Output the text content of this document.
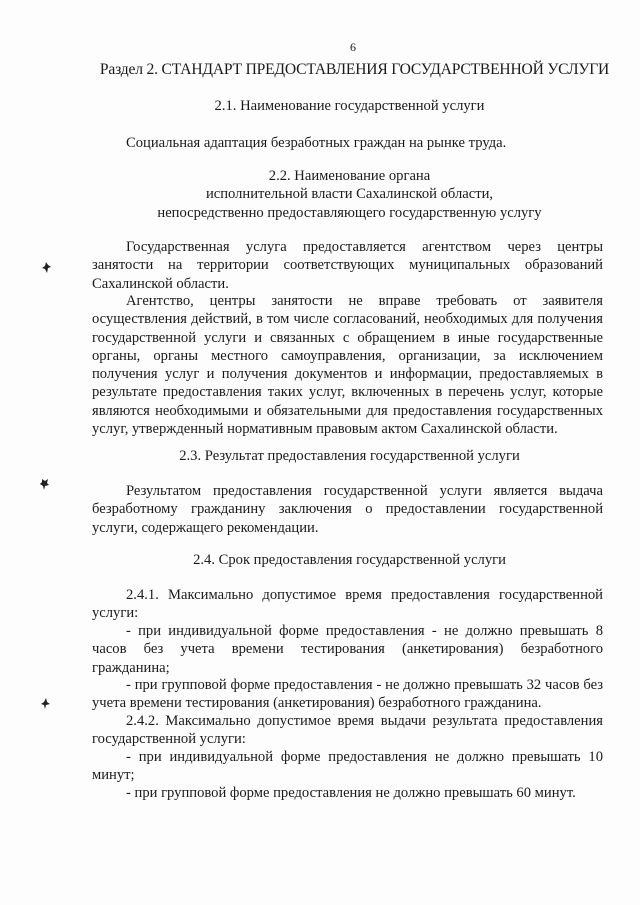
6
Раздел 2. СТАНДАРТ ПРЕДОСТАВЛЕНИЯ ГОСУДАРСТВЕННОЙ УСЛУГИ
2.1. Наименование государственной услуги
Социальная адаптация безработных граждан на рынке труда.
2.2. Наименование органа
исполнительной власти Сахалинской области,
непосредственно предоставляющего государственную услугу

Государственная услуга предоставляется агентством через центры занятости на территории соответствующих муниципальных образований Сахалинской области.

Агентство, центры занятости не вправе требовать от заявителя осуществления действий, в том числе согласований, необходимых для получения государственной услуги и связанных с обращением в иные государственные органы, органы местного самоуправления, организации, за исключением получения услуг и получения документов и информации, предоставляемых в результате предоставления таких услуг, включенных в перечень услуг, которые являются необходимыми и обязательными для предоставления государственных услуг, утвержденный нормативным правовым актом Сахалинской области.

2.3. Результат предоставления государственной услуги

Результатом предоставления государственной услуги является выдача безработному гражданину заключения о предоставлении государственной услуги, содержащего рекомендации.

2.4. Срок предоставления государственной услуги

2.4.1. Максимально допустимое время предоставления государственной услуги:

- при индивидуальной форме предоставления - не должно превышать 8 часов без учета времени тестирования (анкетирования) безработного гражданина;

- при групповой форме предоставления - не должно превышать 32 часов без учета времени тестирования (анкетирования) безработного гражданина.

2.4.2. Максимально допустимое время выдачи результата предоставления государственной услуги:

- при индивидуальной форме предоставления не должно превышать 10 минут;

- при групповой форме предоставления не должно превышать 60 минут.
